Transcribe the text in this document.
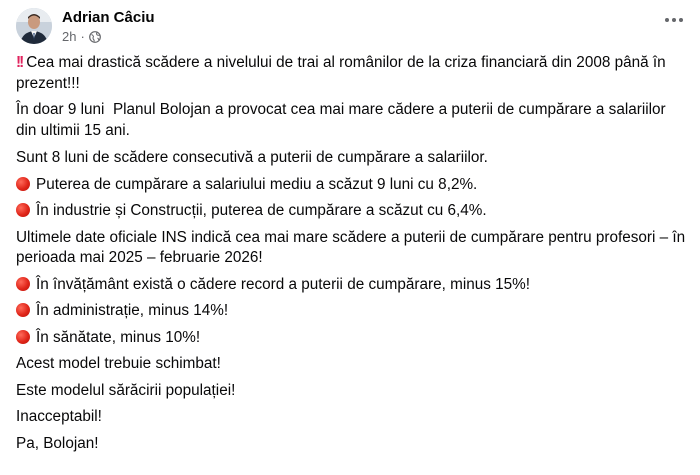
Adrian Câciu
2h ·

!! Cea mai drastică scădere a nivelului de trai al românilor de la criza financiară din 2008 până în prezent!!!

În doar 9 luni  Planul Bolojan a provocat cea mai mare cădere a puterii de cumpărare a salariilor din ultimii 15 ani.

Sunt 8 luni de scădere consecutivă a puterii de cumpărare a salariilor.

Puterea de cumpărare a salariului mediu a scăzut 9 luni cu 8,2%.

În industrie și Construcții, puterea de cumpărare a scăzut cu 6,4%.

Ultimele date oficiale INS indică cea mai mare scădere a puterii de cumpărare pentru profesori – în perioada mai 2025 – februarie 2026!

În învățământ există o cădere record a puterii de cumpărare, minus 15%!

În administrație, minus 14%!

În sănătate, minus 10%!

Acest model trebuie schimbat!

Este modelul sărăcirii populației!

Inacceptabil!

Pa, Bolojan!
